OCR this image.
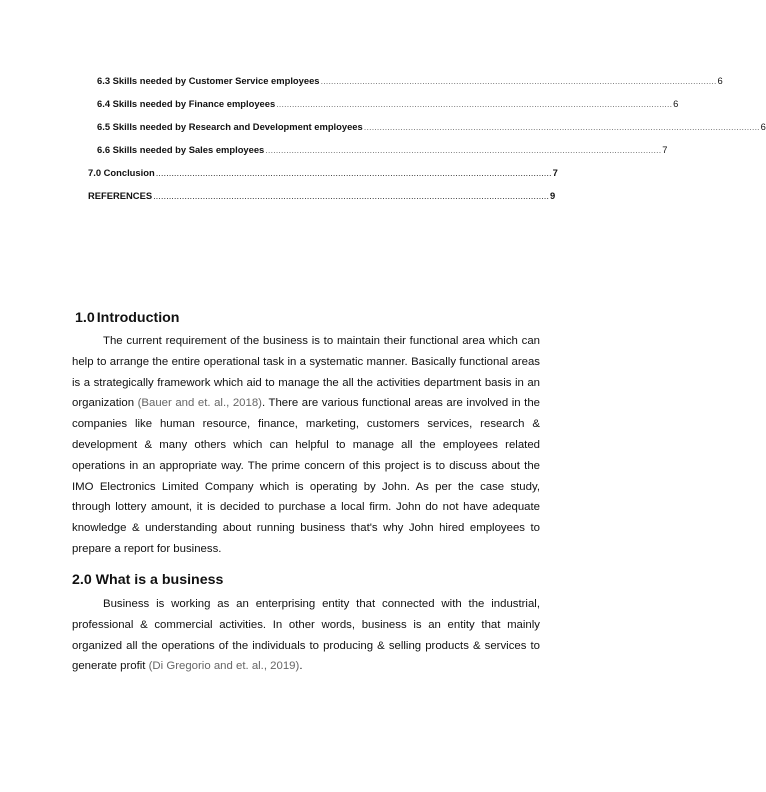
6.3 Skills needed by Customer Service employees ........................................................................................................................................................ 6
6.4 Skills needed by Finance employees ........................................................................................................................................................ 6
6.5 Skills needed by Research and Development employees ........................................................................................................................................................ 6
6.6 Skills needed by Sales employees ........................................................................................................................................................ 7
7.0 Conclusion ........................................................................................................................................................ 7
REFERENCES ........................................................................................................................................................ 9
1.0 Introduction

The current requirement of the business is to maintain their functional area which can help to arrange the entire operational task in a systematic manner. Basically functional areas is a strategically framework which aid to manage the all the activities department basis in an organization (Bauer and et. al., 2018). There are various functional areas are involved in the companies like human resource, finance, marketing, customers services, research & development & many others which can helpful to manage all the employees related operations in an appropriate way. The prime concern of this project is to discuss about the IMO Electronics Limited Company which is operating by John. As per the case study, through lottery amount, it is decided to purchase a local firm. John do not have adequate knowledge & understanding about running business that's why John hired employees to prepare a report for business.

2.0 What is a business

Business is working as an enterprising entity that connected with the industrial, professional & commercial activities. In other words, business is an entity that mainly organized all the operations of the individuals to producing & selling products & services to generate profit (Di Gregorio and et. al., 2019).
